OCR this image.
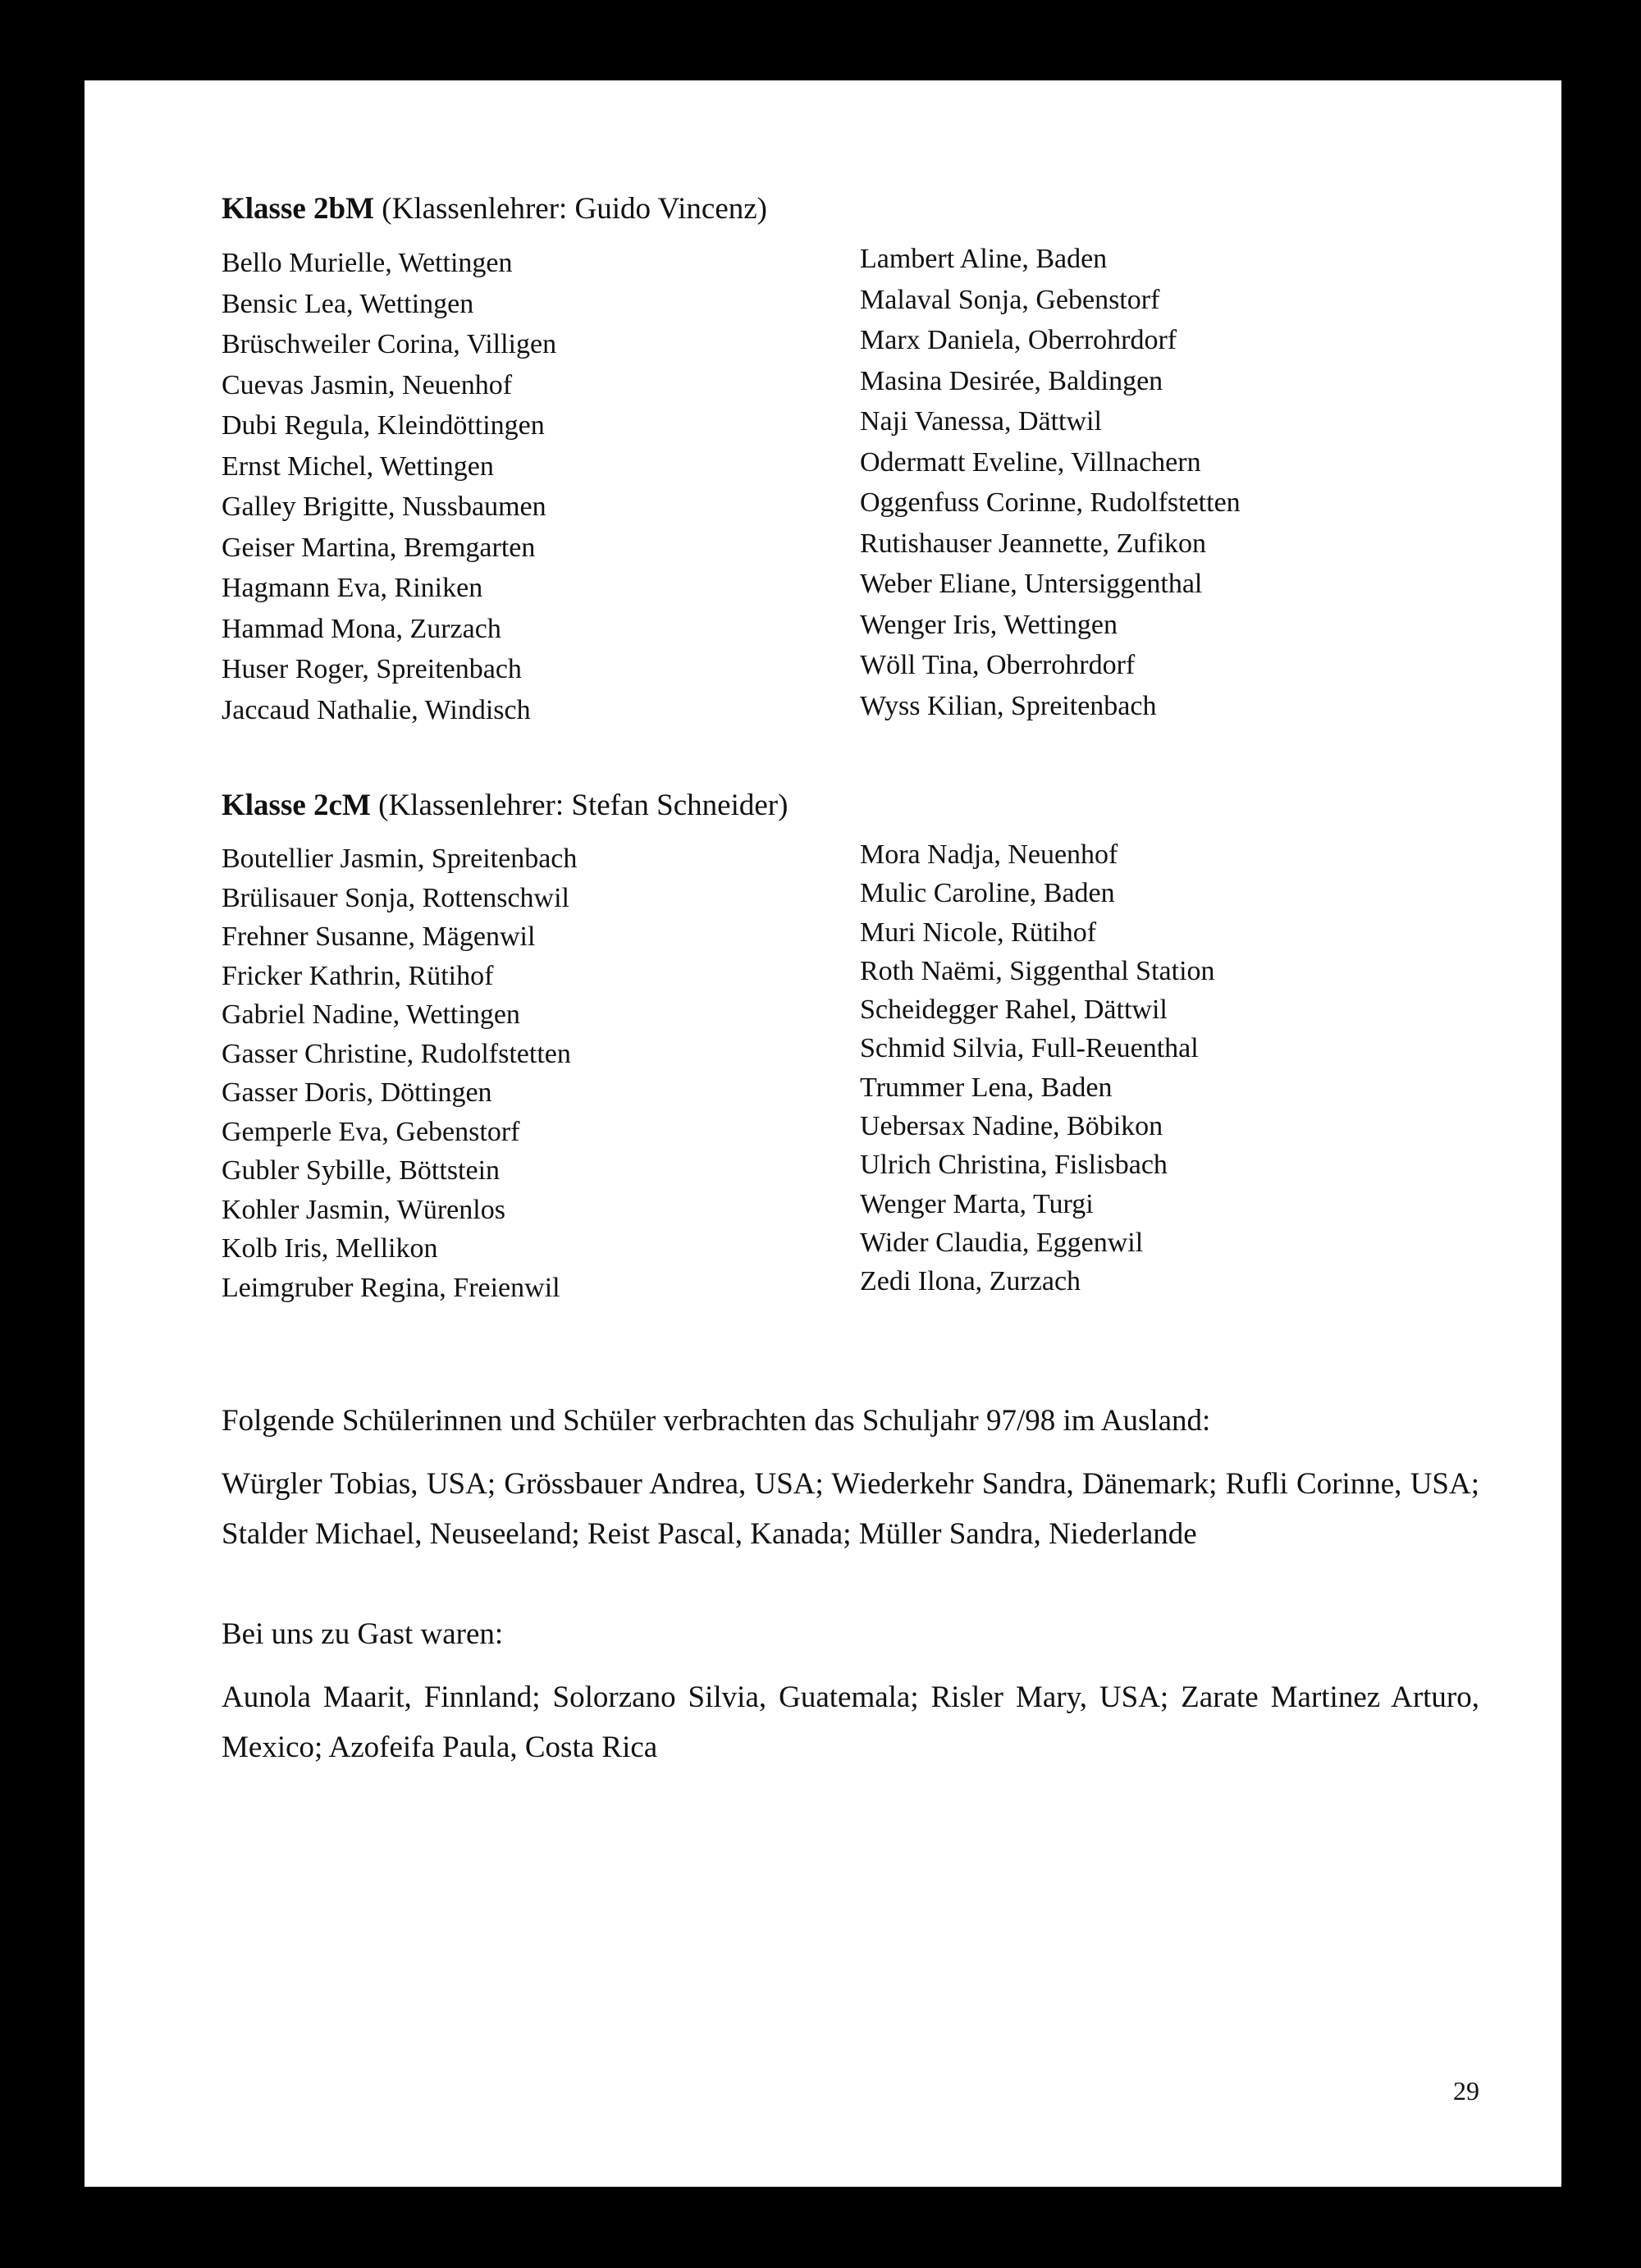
Klasse 2bM (Klassenlehrer: Guido Vincenz)
Bello Murielle, Wettingen
Bensic Lea, Wettingen
Brüschweiler Corina, Villigen
Cuevas Jasmin, Neuenhof
Dubi Regula, Kleindöttingen
Ernst Michel, Wettingen
Galley Brigitte, Nussbaumen
Geiser Martina, Bremgarten
Hagmann Eva, Riniken
Hammad Mona, Zurzach
Huser Roger, Spreitenbach
Jaccaud Nathalie, Windisch
Lambert Aline, Baden
Malaval Sonja, Gebenstorf
Marx Daniela, Oberrohrdorf
Masina Desirée, Baldingen
Naji Vanessa, Dättwil
Odermatt Eveline, Villnachern
Oggenfuss Corinne, Rudolfstetten
Rutishauser Jeannette, Zufikon
Weber Eliane, Untersiggenthal
Wenger Iris, Wettingen
Wöll Tina, Oberrohrdorf
Wyss Kilian, Spreitenbach
Klasse 2cM (Klassenlehrer: Stefan Schneider)
Boutellier Jasmin, Spreitenbach
Brülisauer Sonja, Rottenschwil
Frehner Susanne, Mägenwil
Fricker Kathrin, Rütihof
Gabriel Nadine, Wettingen
Gasser Christine, Rudolfstetten
Gasser Doris, Döttingen
Gemperle Eva, Gebenstorf
Gubler Sybille, Böttstein
Kohler Jasmin, Würenlos
Kolb Iris, Mellikon
Leimgruber Regina, Freienwil
Mora Nadja, Neuenhof
Mulic Caroline, Baden
Muri Nicole, Rütihof
Roth Naëmi, Siggenthal Station
Scheidegger Rahel, Dättwil
Schmid Silvia, Full-Reuenthal
Trummer Lena, Baden
Uebersax Nadine, Böbikon
Ulrich Christina, Fislisbach
Wenger Marta, Turgi
Wider Claudia, Eggenwil
Zedi Ilona, Zurzach
Folgende Schülerinnen und Schüler verbrachten das Schuljahr 97/98 im Ausland:
Würgler Tobias, USA; Grössbauer Andrea, USA; Wiederkehr Sandra, Dänemark; Rufli Corinne, USA; Stalder Michael, Neuseeland; Reist Pascal, Kanada; Müller Sandra, Niederlande
Bei uns zu Gast waren:
Aunola Maarit, Finnland; Solorzano Silvia, Guatemala; Risler Mary, USA; Zarate Martinez Arturo, Mexico; Azofeifa Paula, Costa Rica
29
